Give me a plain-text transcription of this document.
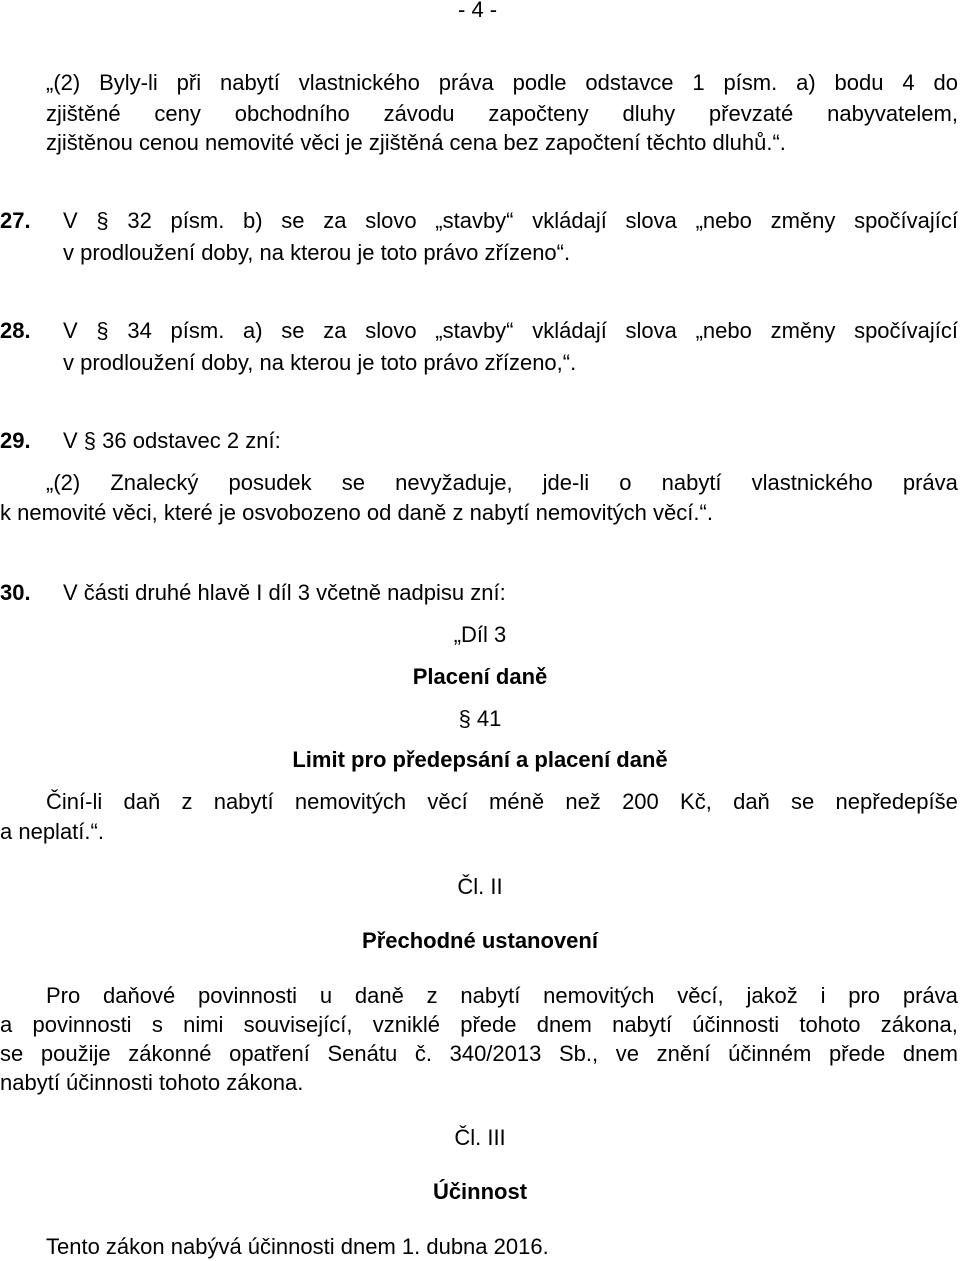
- 4 -
„(2) Byly-li při nabytí vlastnického práva podle odstavce 1 písm. a) bodu 4 do
zjištěné ceny obchodního závodu započteny dluhy převzaté nabyvatelem,
zjištěnou cenou nemovité věci je zjištěná cena bez započtení těchto dluhů.“.
27. V § 32 písm. b) se za slovo „stavby“ vkládají slova „nebo změny spočívající
v prodloužení doby, na kterou je toto právo zřízeno“.
28. V § 34 písm. a) se za slovo „stavby“ vkládají slova „nebo změny spočívající
v prodloužení doby, na kterou je toto právo zřízeno,“.
29. V § 36 odstavec 2 zní:
„(2) Znalecký posudek se nevyžaduje, jde-li o nabytí vlastnického práva
k nemovité věci, které je osvobozeno od daně z nabytí nemovitých věcí.“.
30. V části druhé hlavě I díl 3 včetně nadpisu zní:
„Díl 3
Placení daně
§ 41
Limit pro předepsání a placení daně
Činí-li daň z nabytí nemovitých věcí méně než 200 Kč, daň se nepředepíše
a neplatí.“.
Čl. II
Přechodné ustanovení
Pro daňové povinnosti u daně z nabytí nemovitých věcí, jakož i pro práva
a povinnosti s nimi související, vzniklé přede dnem nabytí účinnosti tohoto zákona,
se použije zákonné opatření Senátu č. 340/2013 Sb., ve znění účinném přede dnem
nabytí účinnosti tohoto zákona.
Čl. III
Účinnost
Tento zákon nabývá účinnosti dnem 1. dubna 2016.
